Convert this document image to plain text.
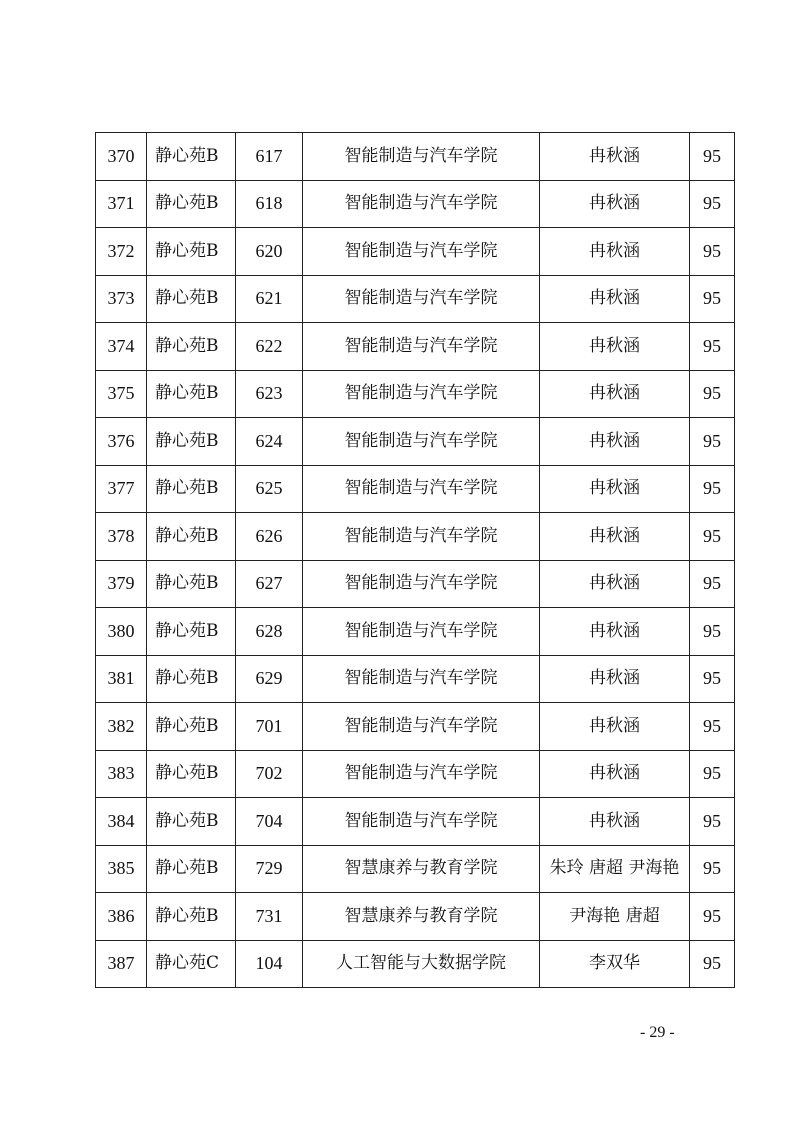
370	静心苑B	617	智能制造与汽车学院	冉秋涵	95
371	静心苑B	618	智能制造与汽车学院	冉秋涵	95
372	静心苑B	620	智能制造与汽车学院	冉秋涵	95
373	静心苑B	621	智能制造与汽车学院	冉秋涵	95
374	静心苑B	622	智能制造与汽车学院	冉秋涵	95
375	静心苑B	623	智能制造与汽车学院	冉秋涵	95
376	静心苑B	624	智能制造与汽车学院	冉秋涵	95
377	静心苑B	625	智能制造与汽车学院	冉秋涵	95
378	静心苑B	626	智能制造与汽车学院	冉秋涵	95
379	静心苑B	627	智能制造与汽车学院	冉秋涵	95
380	静心苑B	628	智能制造与汽车学院	冉秋涵	95
381	静心苑B	629	智能制造与汽车学院	冉秋涵	95
382	静心苑B	701	智能制造与汽车学院	冉秋涵	95
383	静心苑B	702	智能制造与汽车学院	冉秋涵	95
384	静心苑B	704	智能制造与汽车学院	冉秋涵	95
385	静心苑B	729	智慧康养与教育学院	朱玲 唐超 尹海艳	95
386	静心苑B	731	智慧康养与教育学院	尹海艳 唐超	95
387	静心苑C	104	人工智能与大数据学院	李双华	95
- 29 -
